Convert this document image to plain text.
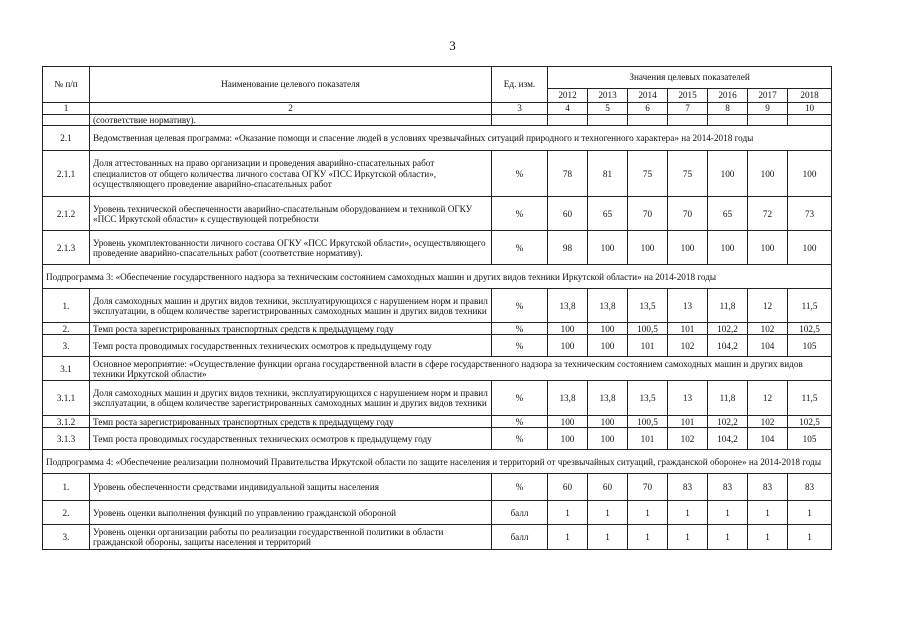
3
№ п/п	Наименование целевого показателя	Ед. изм.	Значения целевых показателей						
			2012	2013	2014	2015	2016	2017	2018
1	2	3	4	5	6	7	8	9	10
	(соответствие нормативу).								
2.1	Ведомственная целевая программа: «Оказание помощи и спасение людей в условиях чрезвычайных ситуаций природного и техногенного характера» на 2014-2018 годы								
2.1.1	Доля аттестованных на право организации и проведения аварийно-спасательных работ специалистов от общего количества личного состава ОГКУ «ПСС Иркутской области», осуществляющего проведение аварийно-спасательных работ	%	78	81	75	75	100	100	100
2.1.2	Уровень технической обеспеченности аварийно-спасательным оборудованием и техникой ОГКУ «ПСС Иркутской области» к существующей потребности	%	60	65	70	70	65	72	73
2.1.3	Уровень укомплектованности личного состава ОГКУ «ПСС Иркутской области», осуществляющего проведение аварийно-спасательных работ (соответствие нормативу).	%	98	100	100	100	100	100	100
Подпрограмма 3: «Обеспечение государственного надзора за техническим состоянием самоходных машин и других видов техники Иркутской области» на 2014-2018 годы									
1.	Доля самоходных машин и других видов техники, эксплуатирующихся с нарушением норм и правил эксплуатации, в общем количестве зарегистрированных самоходных машин и других видов техники	%	13,8	13,8	13,5	13	11,8	12	11,5
2.	Темп роста зарегистрированных транспортных средств к предыдущему году	%	100	100	100,5	101	102,2	102	102,5
3.	Темп роста проводимых государственных технических осмотров к предыдущему году	%	100	100	101	102	104,2	104	105
3.1	Основное мероприятие: «Осуществление функции органа государственной власти в сфере государственного надзора за техническим состоянием самоходных машин и других видов техники Иркутской области»								
3.1.1	Доля самоходных машин и других видов техники, эксплуатирующихся с нарушением норм и правил эксплуатации, в общем количестве зарегистрированных самоходных машин и других видов техники	%	13,8	13,8	13,5	13	11,8	12	11,5
3.1.2	Темп роста зарегистрированных транспортных средств к предыдущему году	%	100	100	100,5	101	102,2	102	102,5
3.1.3	Темп роста проводимых государственных технических осмотров к предыдущему году	%	100	100	101	102	104,2	104	105
Подпрограмма 4: «Обеспечение реализации полномочий Правительства Иркутской области по защите населения и территорий от чрезвычайных ситуаций, гражданской обороне» на 2014-2018 годы									
1.	Уровень обеспеченности средствами индивидуальной защиты населения	%	60	60	70	83	83	83	83
2.	Уровень оценки выполнения функций по управлению гражданской обороной	балл	1	1	1	1	1	1	1
3.	Уровень оценки организации работы по реализации государственной политики в области гражданской обороны, защиты населения и территорий	балл	1	1	1	1	1	1	1
